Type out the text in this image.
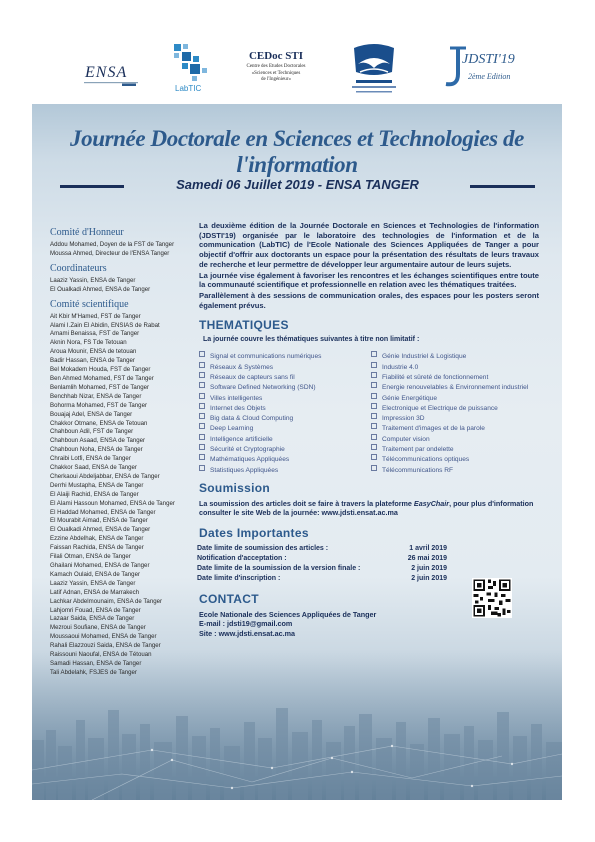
ENSA
LabTIC
CEDoc STI
Centre des Etudes Doctorales
«Sciences et Techniques
de l'Ingénieur»
JDSTI'19
2ème Edition
Journée Doctorale en Sciences et Technologies de l'information
Samedi 06 Juillet 2019 - ENSA TANGER
Comité d'Honneur
Addou Mohamed, Doyen de la FST de Tanger
Moussa Ahmed, Directeur de l'ENSA Tanger
Coordinateurs
Laaziz Yassin, ENSA de Tanger
El Oualkadi Ahmed, ENSA de Tanger
Comité scientifique
Ait Kbir M'Hamed, FST de Tanger
Alami I.Zain El Abidin, ENSIAS de Rabat
Amami Benaissa, FST de Tanger
Aknin Nora, FS Tde Tetouan
Aroua Mounir, ENSA de tetouan
Badir Hassan, ENSA de Tanger
Bel Mokadem Houda, FST de Tanger
Ben Ahmed Mohamed, FST de Tanger
Benlamlih Mohamed, FST de Tanger
Benchhab Nizar, ENSA de Tanger
Bohorma Mohamed, FST de Tanger
Bouajaj Adel, ENSA de Tanger
Chakkor Otmane, ENSA de Tetouan
Chahboun Adil, FST de Tanger
Chahboun Asaad, ENSA de Tanger
Chahboun Noha, ENSA de Tanger
Chraibi Lotfi, ENSA de Tanger
Chakkor Saad, ENSA de Tanger
Cherkaoui Abdeljabbar, ENSA de Tanger
Derrhi Mustapha, ENSA de Tanger
El Alaiji Rachid, ENSA de Tanger
El Alami Hassoun Mohamed, ENSA de Tanger
El Haddad Mohamed, ENSA de Tanger
El Mourabit Aimad, ENSA de Tanger
El Oualkadi Ahmed, ENSA de Tanger
Ezzine Abdelhak, ENSA de Tanger
Faissan Rachida, ENSA de Tanger
Filali Otman, ENSA de Tanger
Ghailani Mohamed, ENSA de Tanger
Kamach Oulaid, ENSA de Tanger
Laaziz Yassin, ENSA de Tanger
Latif Adnan, ENSA de Marrakech
Lachkar Abdelmounaim, ENSA de Tanger
Lahjomri Fouad, ENSA de Tanger
Lazaar Saida, ENSA de Tanger
Mezroui Soufiane, ENSA de Tanger
Moussaoui Mohamed, ENSA de Tanger
Rahali Elazzouzi Saida, ENSA de Tanger
Raissouni Naoufal, ENSA de Tétouan
Samadi Hassan, ENSA de Tanger
Tali Abdelahk, FSJES de Tanger

La deuxième édition de la Journée Doctorale en Sciences et Technologies de l'information (JDSTI'19) organisée par le laboratoire des technologies de l'information et de la communication (LabTIC) de l'Ecole Nationale des Sciences Appliquées de Tanger a pour objectif d'offrir aux doctorants un espace pour la présentation des résultats de leurs travaux de recherche et leur permettre de développer leur argumentaire autour de leurs sujets.

La journée vise également à favoriser les rencontres et les échanges scientifiques entre toute la communauté scientifique et professionnelle en relation avec les thématiques traitées.

Parallèlement à des sessions de communication orales, des espaces pour les posters seront également prévus.

THEMATIQUES
La journée couvre les thématiques suivantes à titre non limitatif :
Signal et communications numériques
Réseaux & Systèmes
Réseaux de capteurs sans fil
Software Defined Networking (SDN)
Villes intelligentes
Internet des Objets
Big data & Cloud Computing
Deep Learning
Intelligence artificielle
Sécurité et Cryptographie
Mathématiques Appliquées
Statistiques Appliquées
Génie Industriel & Logistique
Industrie 4.0
Fiabilité et sûreté de fonctionnement
Energie renouvelables & Environnement industriel
Génie Energétique
Electronique et Electrique de puissance
Impression 3D
Traitement d'images et de la parole
Computer vision
Traitement par ondelette
Télécommunications optiques
Télécommunications RF
Soumission
La soumission des articles doit se faire à travers la plateforme EasyChair, pour plus d'information consulter le site Web de la journée: www.jdsti.ensat.ac.ma
Dates Importantes
Date limite de soumission des articles :	1 avril 2019
Notification d'acceptation :	26 mai 2019
Date limite de la soumission de la version finale :	2 juin 2019
Date limite d'inscription :	2 juin 2019
CONTACT
Ecole Nationale des Sciences Appliquées de Tanger
E-mail : jdsti19@gmail.com
Site : www.jdsti.ensat.ac.ma
